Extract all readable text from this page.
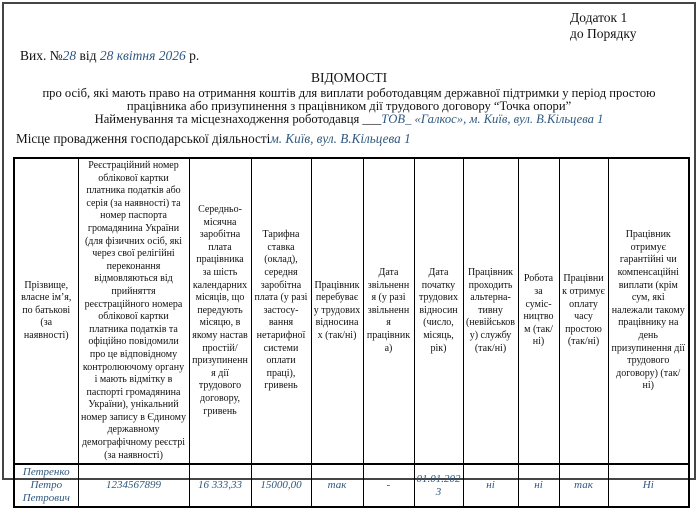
Додаток 1
до Порядку
Вих. №28 від 28 квітня 2026 р.
ВІДОМОСТІ
про осіб, які мають право на отримання коштів для виплати роботодавцям державної підтримки у період простою
працівника або призупинення з працівником дії трудового договору “Точка опори”
Найменування та місцезнаходження роботодавця ___ТОВ_ «Галкос», м. Київ, вул. В.Кільцева 1
Місце провадження господарської діяльностім. Київ, вул. В.Кільцева 1
Прізвище, власне ім’я, по батькові (за наявності)	Реєстраційний номер облікової картки платника податків або серія (за наявності) та номер паспорта громадянина України (для фізичних осіб, які через свої релігійні переконання відмовляються від прийняття реєстраційного номера облікової картки платника податків та офіційно повідомили про це відповідному контролюючому органу і мають відмітку в паспорті громадянина України), унікальний номер запису в Єдиному державному демографічному реєстрі (за наявності)	Середньо-місячна заробітна плата працівника за шість календарних місяців, що передують місяцю, в якому настав простій/ призупинення дії трудового договору, гривень	Тарифна ставка (оклад), середня заробітна плата (у разі застосу-вання нетарифної системи оплати праці), гривень	Працівник перебуває у трудових відносинах (так/ні)	Дата звільнення (у разі звільнення працівника)	Дата початку трудових відносин (число, місяць, рік)	Працівник проходить альтерна-тивну (невійськову) службу (так/ні)	Робота за суміс-ництвом (так/ні)	Працівник отримує оплату часу простою (так/ні)	Працівник отримує гарантійні чи компенсаційні виплати (крім сум, які належали такому працівнику на день призупинення дії трудового договору) (так/ні)
Петренко Петро Петрович	1234567899	16 333,33	15000,00	так	-	01.01.2023	ні	ні	так	Ні
